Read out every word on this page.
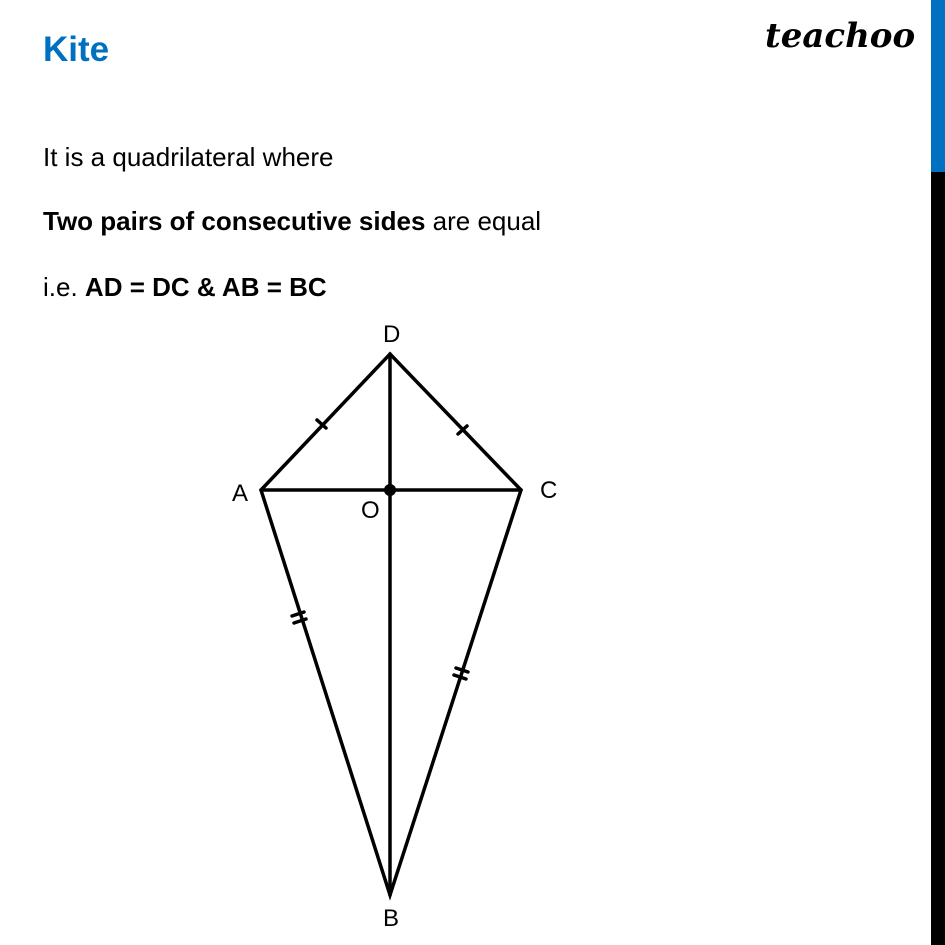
Kite	teachoo
It is a quadrilateral where
Two pairs of consecutive sides are equal
i.e. AD = DC & AB = BC
D
A	C
O
B
